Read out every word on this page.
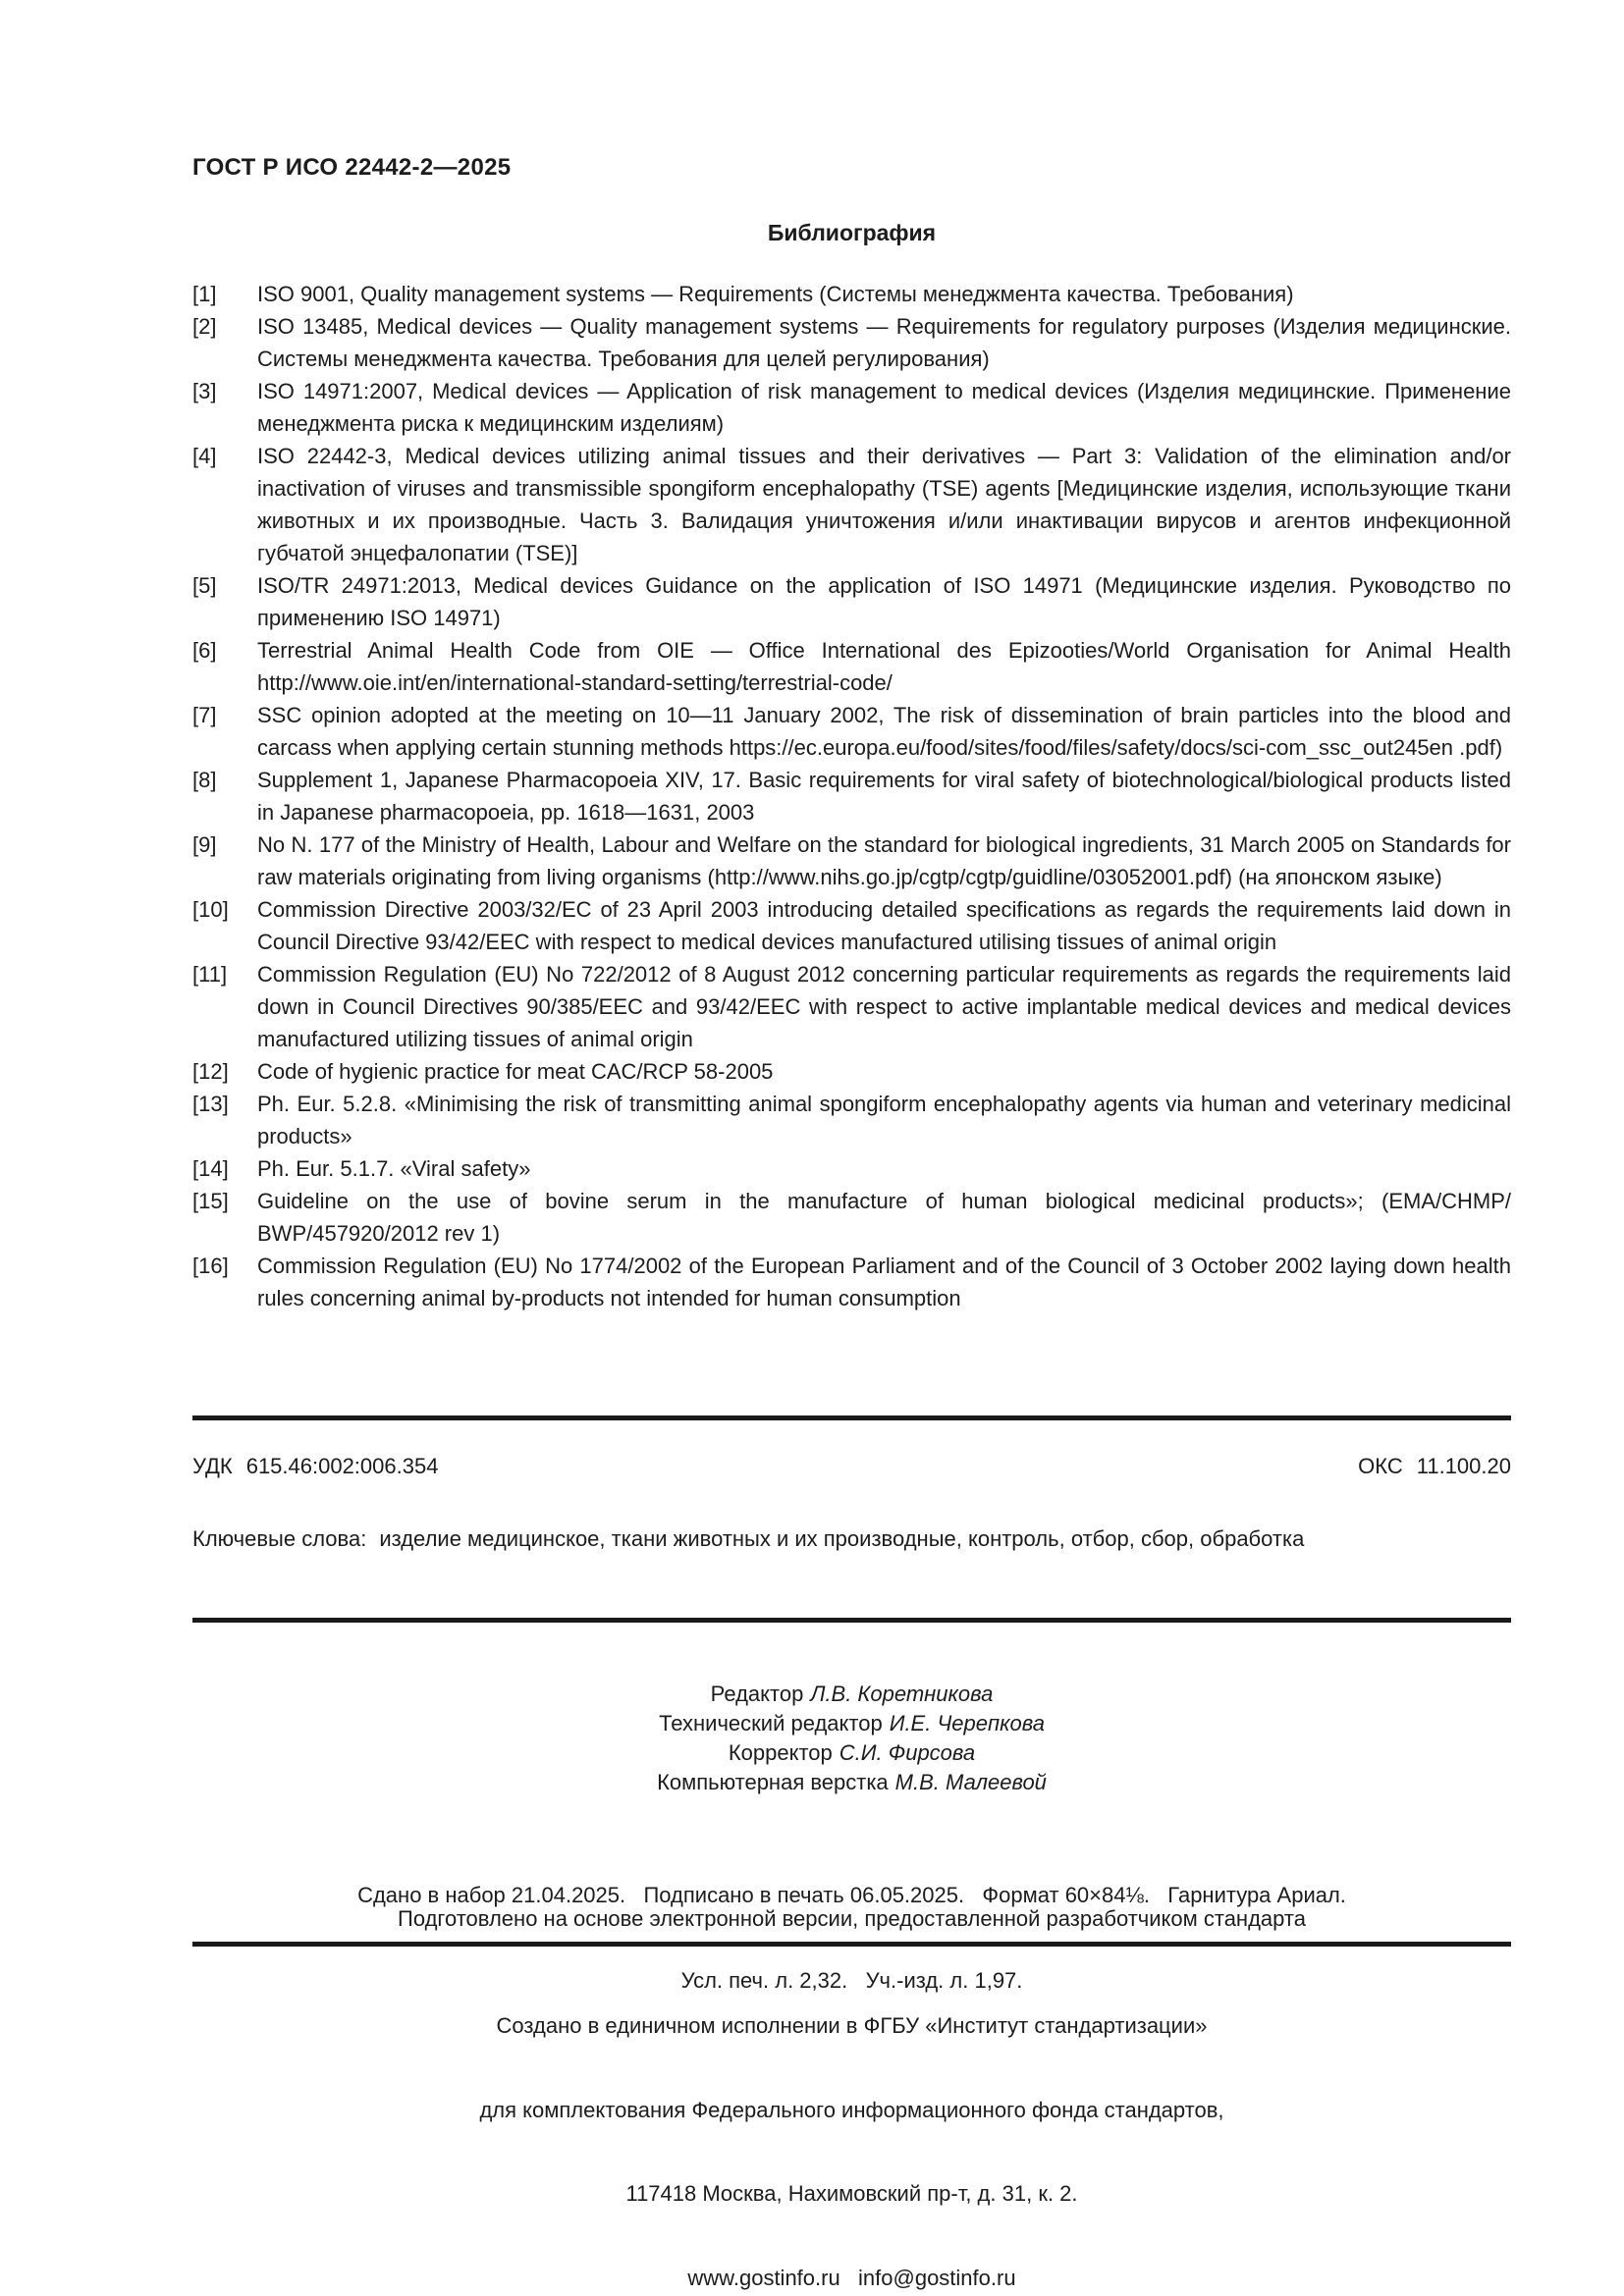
ГОСТ Р ИСО 22442-2—2025
Библиография
[1]	ISO 9001, Quality management systems — Requirements (Системы менеджмента качества. Требования)
[2]	ISO 13485, Medical devices — Quality management systems — Requirements for regulatory purposes (Изделия медицинские. Системы менеджмента качества. Требования для целей регулирования)
[3]	ISO 14971:2007, Medical devices — Application of risk management to medical devices (Изделия медицинские. Применение менеджмента риска к медицинским изделиям)
[4]	ISO 22442-3, Medical devices utilizing animal tissues and their derivatives — Part 3: Validation of the elimination and/​or inactivation of viruses and transmissible spongiform encephalopathy (TSE) agents [Медицинские изделия, использующие ткани животных и их производные. Часть 3. Валидация уничтожения и/или инактивации вирусов и агентов инфекционной губчатой энцефалопатии (TSE)]
[5]	ISO/TR 24971:2013, Medical devices Guidance on the application of ISO 14971 (Медицинские изделия. Руководство по применению ISO 14971)
[6]	Terrestrial Animal Health Code from OIE — Office International des Epizooties/World Organisation for Animal Health http://www.oie.int/en/international-standard-setting/terrestrial-code/
[7]	SSC opinion adopted at the meeting on 10—11 January 2002, The risk of dissemination of brain particles into the blood and carcass when applying certain stunning methods https://ec.europa.eu/food/sites/food/files/safety/docs/​sci-com_ssc_out245en .pdf)
[8]	Supplement 1, Japanese Pharmacopoeia XIV, 17. Basic requirements for viral safety of biotechnological/biological products listed in Japanese pharmacopoeia, pp. 1618—1631, 2003
[9]	No N. 177 of the Ministry of Health, Labour and Welfare on the standard for biological ingredients, 31 March 2005 on Standards for raw materials originating from living organisms (http://www.nihs.go.jp/cgtp/cgtp/guidline/03052001.​pdf) (на японском языке)
[10]	Commission Directive 2003/32/EC of 23 April 2003 introducing detailed specifications as regards the requirements laid down in Council Directive 93/42/EEC with respect to medical devices manufactured utilising tissues of animal origin
[11]	Commission Regulation (EU) No 722/2012 of 8 August 2012 concerning particular requirements as regards the requirements laid down in Council Directives 90/385/EEC and 93/42/EEC with respect to active implantable medical devices and medical devices manufactured utilizing tissues of animal origin
[12]	Code of hygienic practice for meat CAC/RCP 58-2005
[13]	Ph. Eur. 5.2.8. «Minimising the risk of transmitting animal spongiform encephalopathy agents via human and veterinary medicinal products»
[14]	Ph. Eur. 5.1.7. «Viral safety»
[15]	Guideline on the use of bovine serum in the manufacture of human biological medicinal products»; (EMA/CHMP/​BWP/457920/2012 rev 1)
[16]	Commission Regulation (EU) No 1774/2002 of the European Parliament and of the Council of 3 October 2002 laying down health rules concerning animal by-products not intended for human consumption
УДК 615.46:002:006.354	ОКС 11.100.20
Ключевые слова: изделие медицинское, ткани животных и их производные, контроль, отбор, сбор, обработка
Редактор Л.В. Коретникова
Технический редактор И.Е. Черепкова
Корректор С.И. Фирсова
Компьютерная верстка М.В. Малеевой

Сдано в набор 21.04.2025.   Подписано в печать 06.05.2025.   Формат 60×84⅛.   Гарнитура Ариал.

Усл. печ. л. 2,32.   Уч.-изд. л. 1,97.

Подготовлено на основе электронной версии, предоставленной разработчиком стандарта

Создано в единичном исполнении в ФГБУ «Институт стандартизации»

для комплектования Федерального информационного фонда стандартов,

117418 Москва, Нахимовский пр-т, д. 31, к. 2.

www.gostinfo.ru   info@gostinfo.ru
